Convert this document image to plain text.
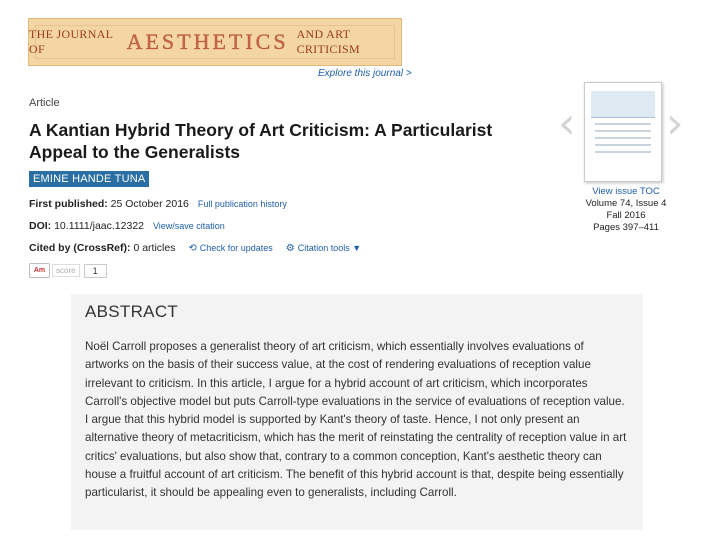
THE JOURNAL OF	AESTHETICS AND ART CRITICISM
Explore this journal >
Article
A Kantian Hybrid Theory of Art Criticism: A Particularist Appeal to the Generalists
EMINE HANDE TUNA
First published: 25 October 2016 Full publication history
DOI: 10.1111/jaac.12322 View/save citation
Cited by (CrossRef): 0 articles ⟲ Check for updates ⚙ Citation tools ▼
Am	score	1
‹ ›
View issue TOC
Volume 74, Issue 4
Fall 2016
Pages 397–411
ABSTRACT

Noël Carroll proposes a generalist theory of art criticism, which essentially involves evaluations of artworks on the basis of their success value, at the cost of rendering evaluations of reception value irrelevant to criticism. In this article, I argue for a hybrid account of art criticism, which incorporates Carroll's objective model but puts Carroll-type evaluations in the service of evaluations of reception value. I argue that this hybrid model is supported by Kant's theory of taste. Hence, I not only present an alternative theory of metacriticism, which has the merit of reinstating the centrality of reception value in art critics' evaluations, but also show that, contrary to a common conception, Kant's aesthetic theory can house a fruitful account of art criticism. The benefit of this hybrid account is that, despite being essentially particularist, it should be appealing even to generalists, including Carroll.
